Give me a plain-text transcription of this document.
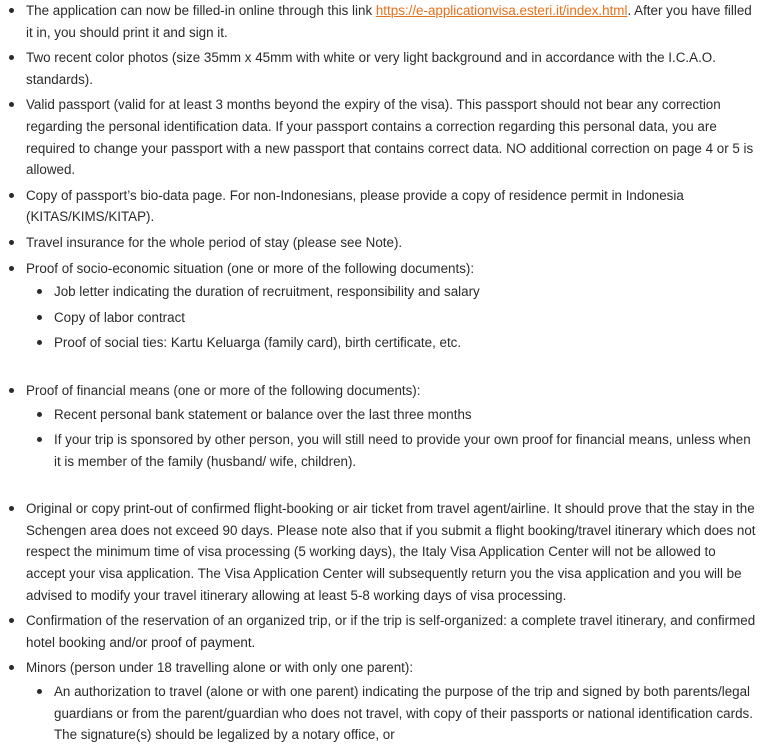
The application can now be filled-in online through this link https://e-applicationvisa.esteri.it/index.html. After you have filled it in, you should print it and sign it.
Two recent color photos (size 35mm x 45mm with white or very light background and in accordance with the I.C.A.O. standards).
Valid passport (valid for at least 3 months beyond the expiry of the visa). This passport should not bear any correction regarding the personal identification data. If your passport contains a correction regarding this personal data, you are required to change your passport with a new passport that contains correct data. NO additional correction on page 4 or 5 is allowed.
Copy of passport’s bio-data page. For non-Indonesians, please provide a copy of residence permit in Indonesia (KITAS/KIMS/KITAP).
Travel insurance for the whole period of stay (please see Note).
Proof of socio-economic situation (one or more of the following documents):
Job letter indicating the duration of recruitment, responsibility and salary
Copy of labor contract
Proof of social ties: Kartu Keluarga (family card), birth certificate, etc.
Proof of financial means (one or more of the following documents):
Recent personal bank statement or balance over the last three months
If your trip is sponsored by other person, you will still need to provide your own proof for financial means, unless when it is member of the family (husband/ wife, children).
Original or copy print-out of confirmed flight-booking or air ticket from travel agent/airline. It should prove that the stay in the Schengen area does not exceed 90 days. Please note also that if you submit a flight booking/travel itinerary which does not respect the minimum time of visa processing (5 working days), the Italy Visa Application Center will not be allowed to accept your visa application. The Visa Application Center will subsequently return you the visa application and you will be advised to modify your travel itinerary allowing at least 5-8 working days of visa processing.
Confirmation of the reservation of an organized trip, or if the trip is self-organized: a complete travel itinerary, and confirmed hotel booking and/or proof of payment.
Minors (person under 18 travelling alone or with only one parent):
An authorization to travel (alone or with one parent) indicating the purpose of the trip and signed by both parents/legal guardians or from the parent/guardian who does not travel, with copy of their passports or national identification cards. The signature(s) should be legalized by a notary office, or
